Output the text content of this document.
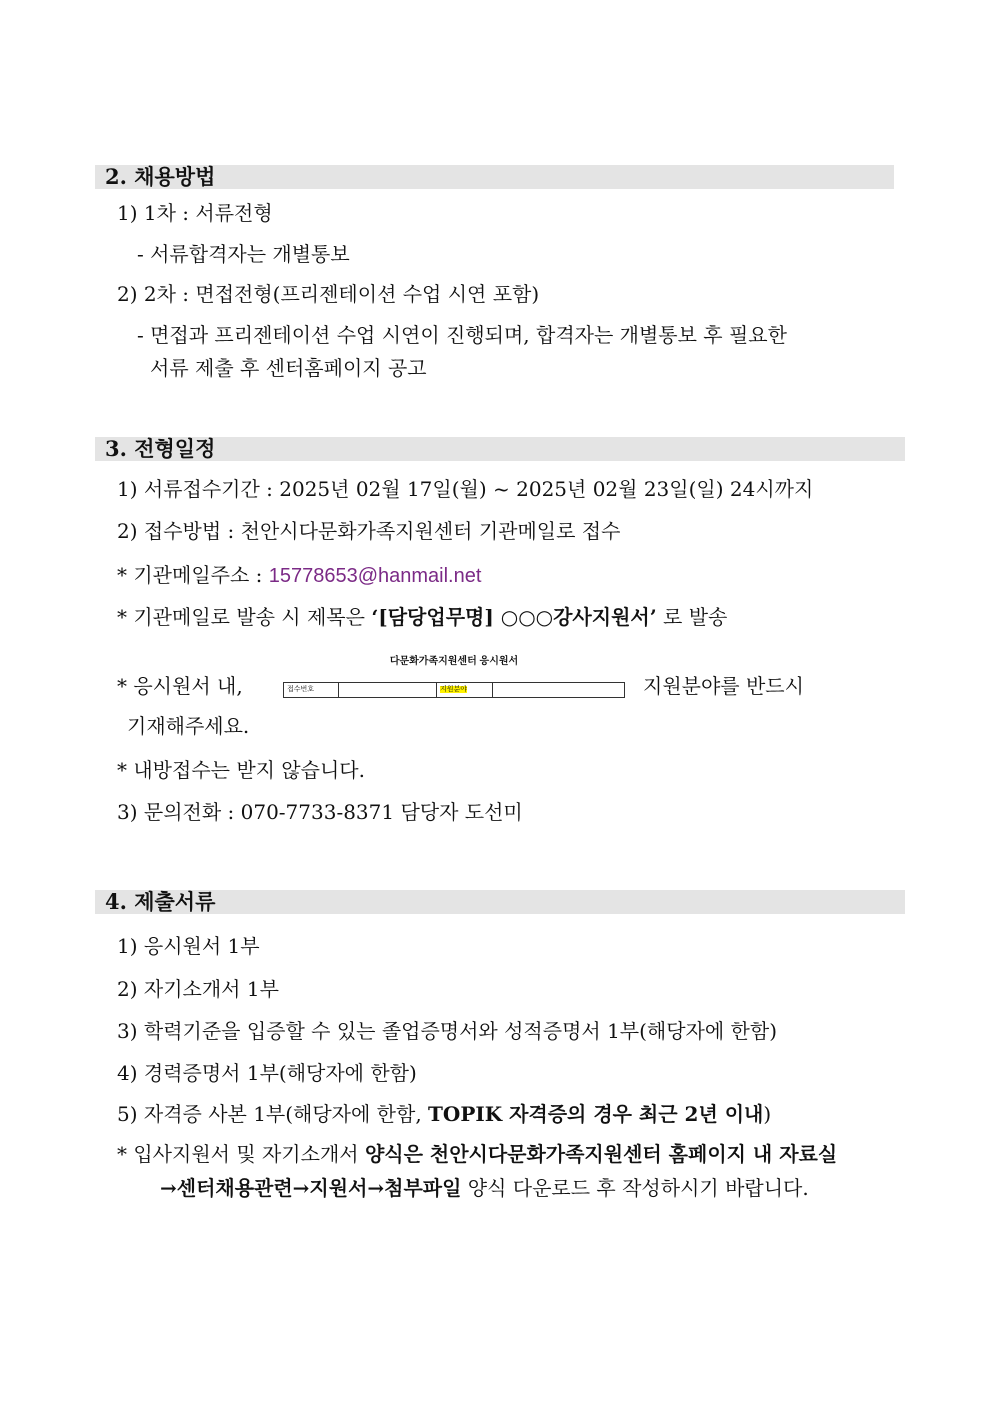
2. 채용방법
1) 1차 : 서류전형
- 서류합격자는 개별통보
2) 2차 : 면접전형(프리젠테이션 수업 시연 포함)
- 면접과 프리젠테이션 수업 시연이 진행되며, 합격자는 개별통보 후 필요한
서류 제출 후 센터홈페이지 공고
3. 전형일정
1) 서류접수기간 : 2025년 02월 17일(월) ~ 2025년 02월 23일(일) 24시까지
2) 접수방법 : 천안시다문화가족지원센터 기관메일로 접수
* 기관메일주소 : 15778653@hanmail.net
* 기관메일로 발송 시 제목은 ‘[담당업무명] ○○○강사지원서’ 로 발송
* 응시원서 내,
다문화가족지원센터 응시원서
접수번호	지원분야	지원분야를 반드시
기재해주세요.
* 내방접수는 받지 않습니다.
3) 문의전화 : 070-7733-8371 담당자 도선미
4. 제출서류
1) 응시원서 1부
2) 자기소개서 1부
3) 학력기준을 입증할 수 있는 졸업증명서와 성적증명서 1부(해당자에 한함)
4) 경력증명서 1부(해당자에 한함)
5) 자격증 사본 1부(해당자에 한함, TOPIK 자격증의 경우 최근 2년 이내)
* 입사지원서 및 자기소개서 양식은 천안시다문화가족지원센터 홈페이지 내 자료실
→센터채용관련→지원서→첨부파일 양식 다운로드 후 작성하시기 바랍니다.
